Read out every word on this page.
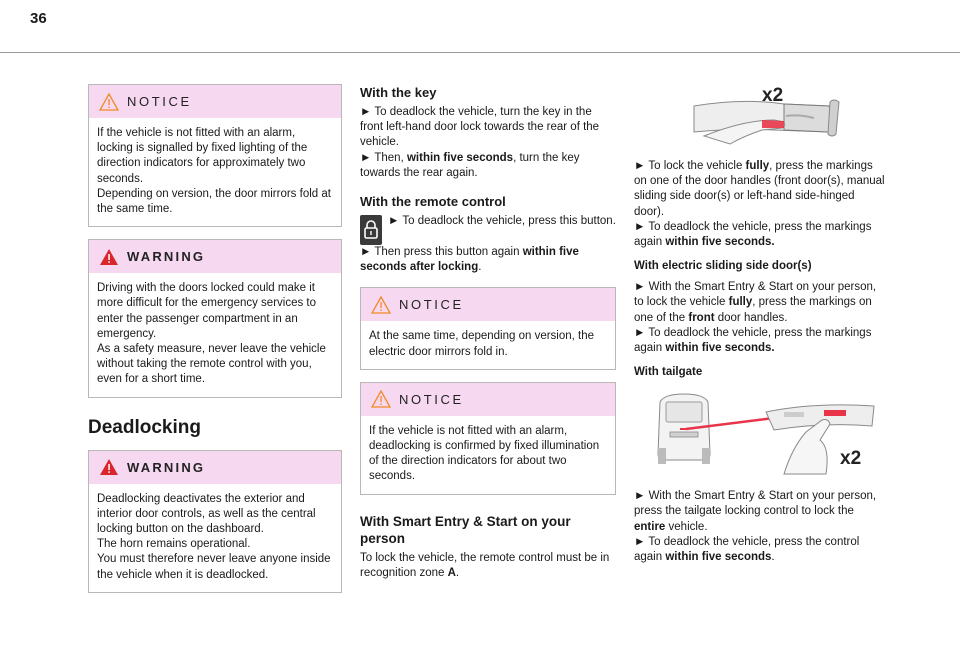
36
NOTICE
If the vehicle is not fitted with an alarm, locking is signalled by fixed lighting of the direction indicators for approximately two seconds.
Depending on version, the door mirrors fold at the same time.
WARNING
Driving with the doors locked could make it more difficult for the emergency services to enter the passenger compartment in an emergency.
As a safety measure, never leave the vehicle without taking the remote control with you, even for a short time.
Deadlocking
WARNING
Deadlocking deactivates the exterior and interior door controls, as well as the central locking button on the dashboard.
The horn remains operational.
You must therefore never leave anyone inside the vehicle when it is deadlocked.
With the key
► To deadlock the vehicle, turn the key in the front left-hand door lock towards the rear of the vehicle.
► Then, within five seconds, turn the key towards the rear again.
With the remote control
► To deadlock the vehicle, press this button.
► Then press this button again within five seconds after locking.
NOTICE
At the same time, depending on version, the electric door mirrors fold in.
NOTICE
If the vehicle is not fitted with an alarm, deadlocking is confirmed by fixed illumination of the direction indicators for about two seconds.
With Smart Entry & Start on your
person
To lock the vehicle, the remote control must be in recognition zone A.
x2
► To lock the vehicle fully, press the markings on one of the door handles (front door(s), manual sliding side door(s) or left-hand side-hinged door).
► To deadlock the vehicle, press the markings again within five seconds.
With electric sliding side door(s)
► With the Smart Entry & Start on your person, to lock the vehicle fully, press the markings on one of the front door handles.
► To deadlock the vehicle, press the markings again within five seconds.
With tailgate
x2
► With the Smart Entry & Start on your person, press the tailgate locking control to lock the entire vehicle.
► To deadlock the vehicle, press the control again within five seconds.
